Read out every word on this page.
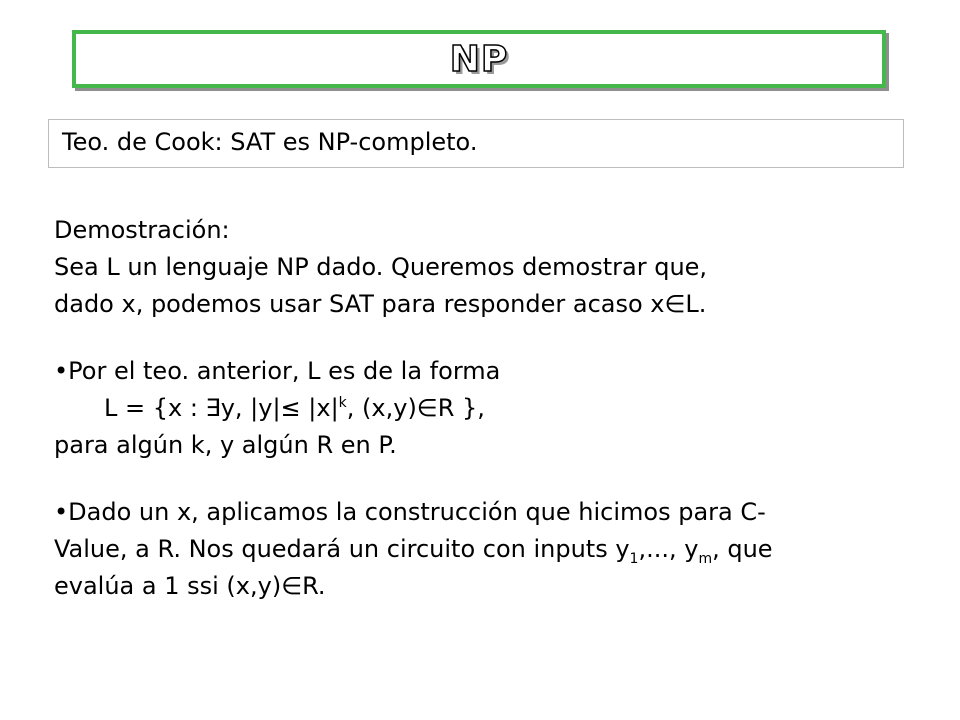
NP
Teo. de Cook: SAT es NP-completo.
Demostración:
Sea L un lenguaje NP dado. Queremos demostrar que,
dado x, podemos usar SAT para responder acaso x∈L.
•Por el teo. anterior, L es de la forma
L = {x : ∃y, $|y|\le |x|^k$, (x,y)∈R },
para algún k, y algún R en P.
•Dado un x, aplicamos la construcción que hicimos para C-
Value, a R. Nos quedará un circuito con inputs $y_1$,..., $y_m$, que
evalúa a 1 ssi (x,y)∈R.
